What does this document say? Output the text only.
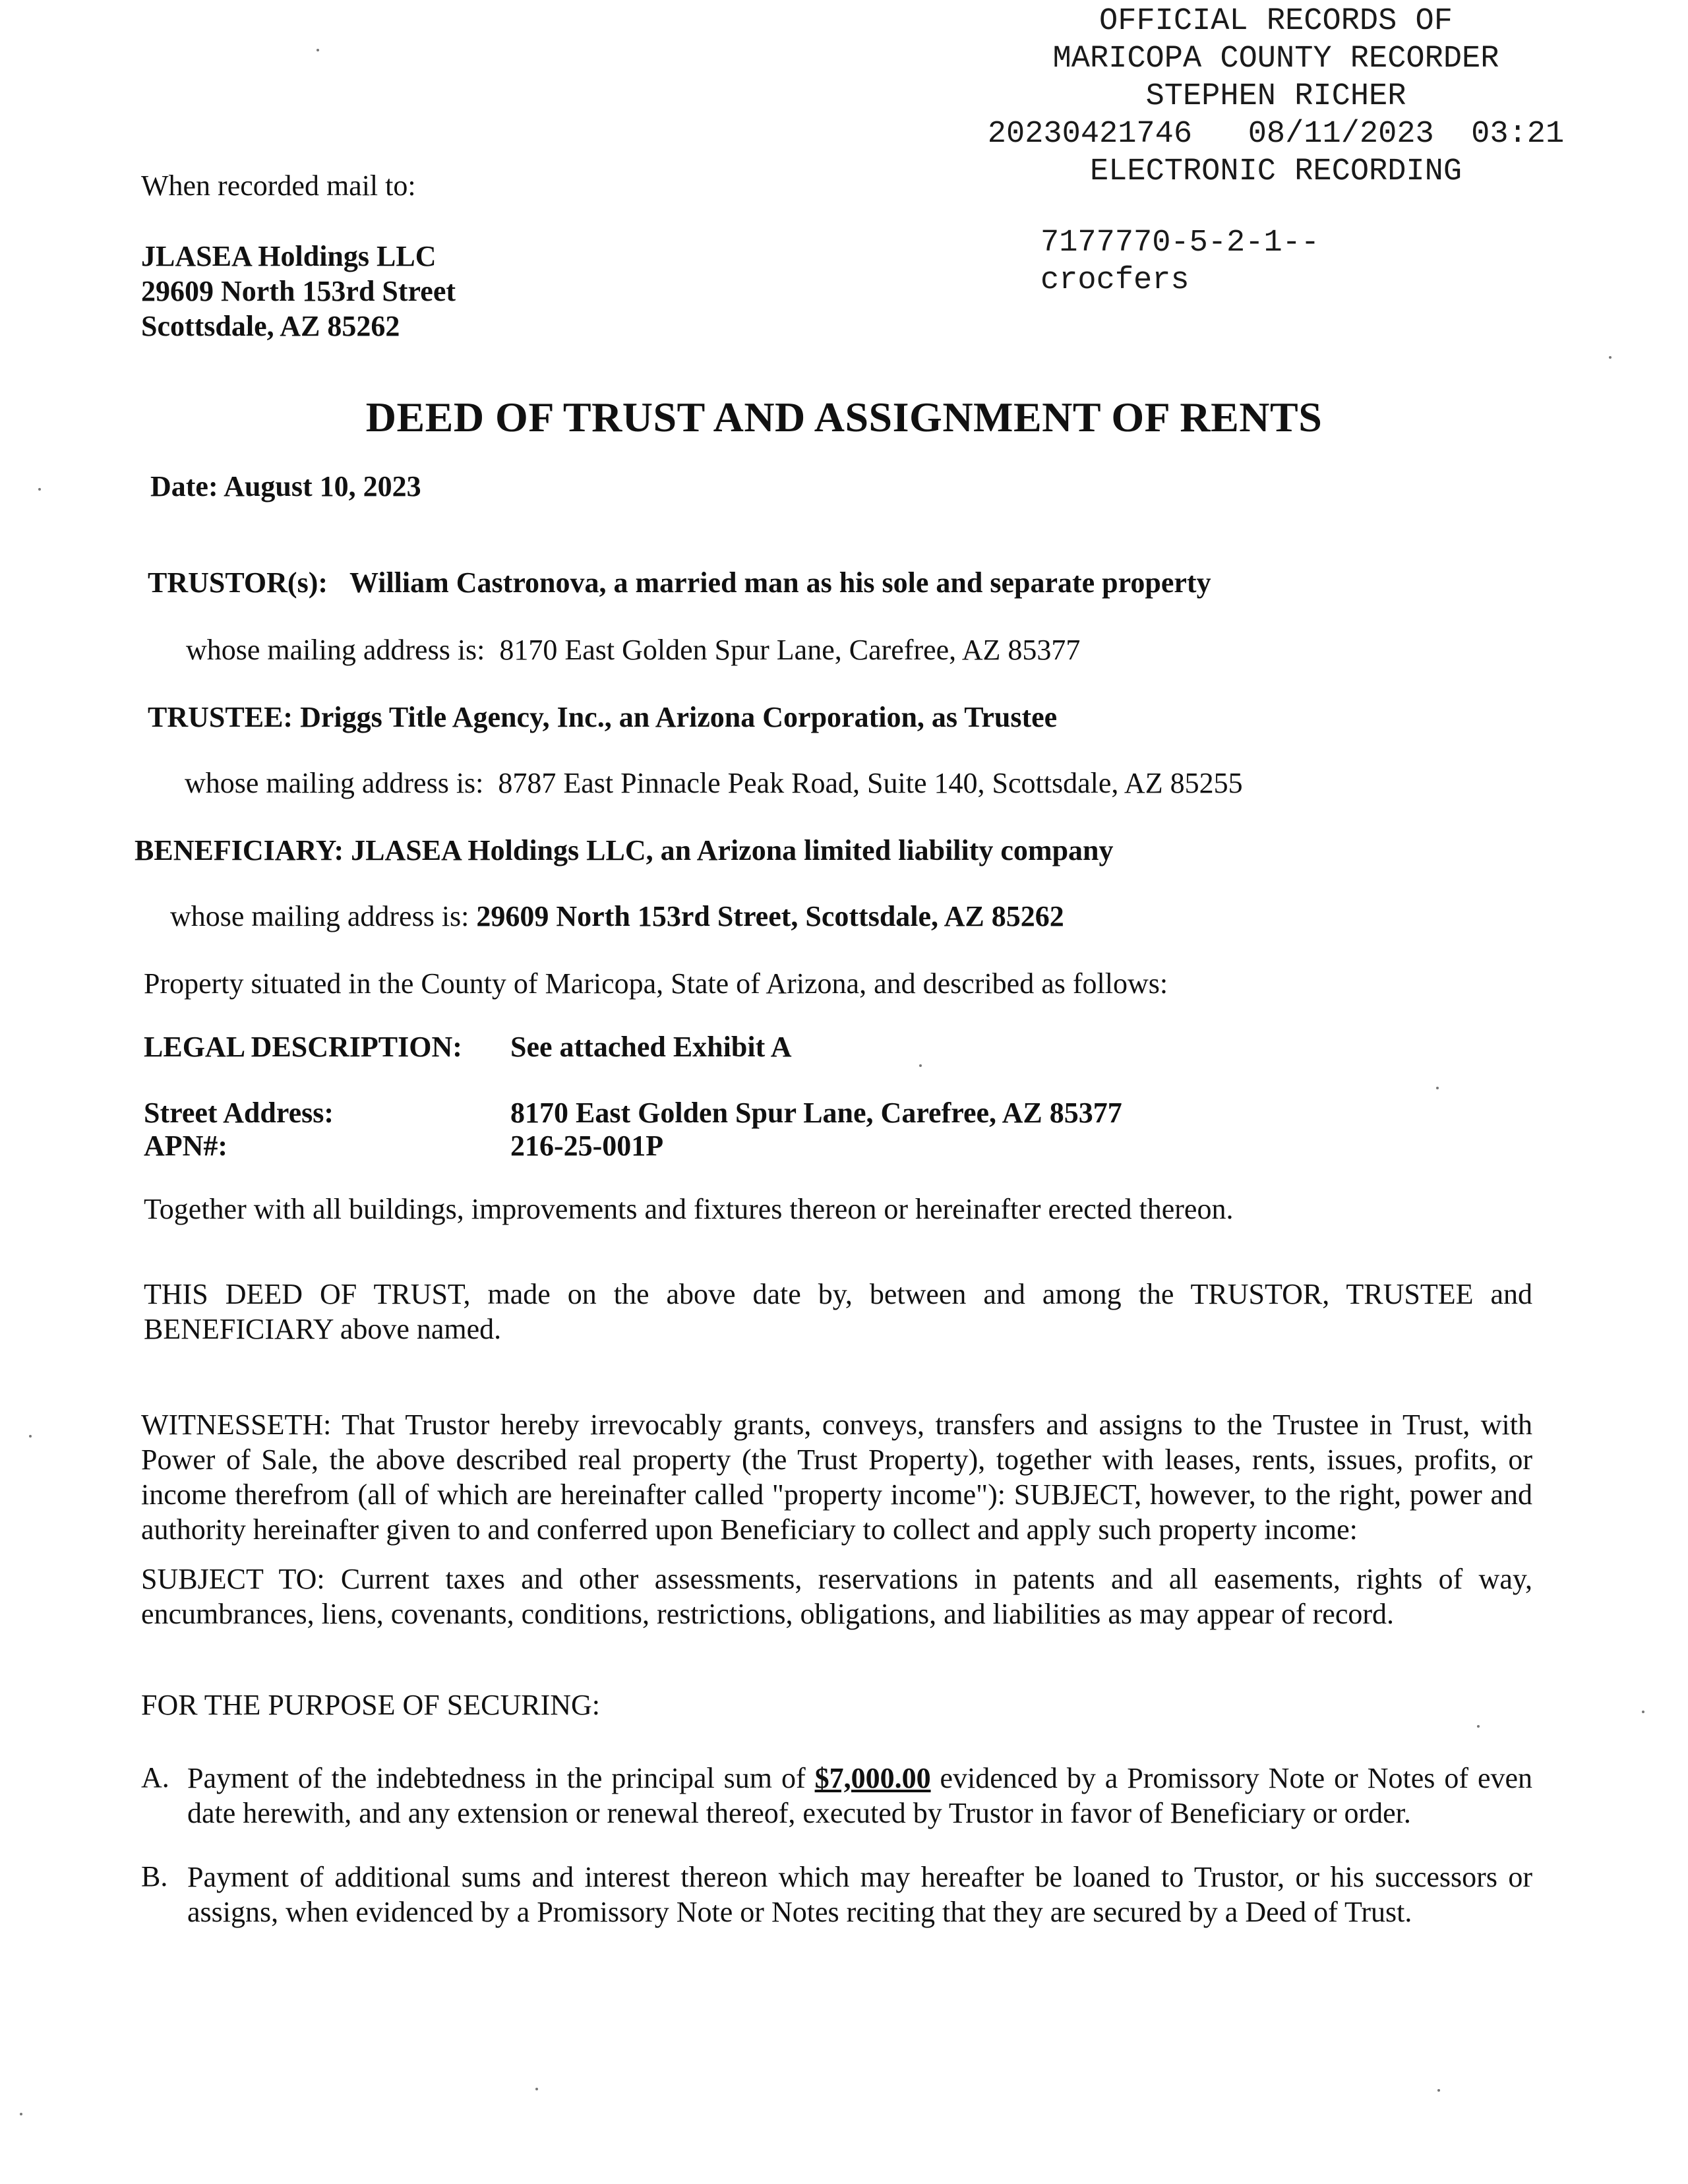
OFFICIAL RECORDS OF
MARICOPA COUNTY RECORDER
STEPHEN RICHER
20230421746 08/11/2023 03:21
ELECTRONIC RECORDING
7177770-5-2-1--
crocfers
When recorded mail to:
JLASEA Holdings LLC
29609 North 153rd Street
Scottsdale, AZ 85262
DEED OF TRUST AND ASSIGNMENT OF RENTS
Date: August 10, 2023
TRUSTOR(s): William Castronova, a married man as his sole and separate property
whose mailing address is: 8170 East Golden Spur Lane, Carefree, AZ 85377
TRUSTEE: Driggs Title Agency, Inc., an Arizona Corporation, as Trustee
whose mailing address is: 8787 East Pinnacle Peak Road, Suite 140, Scottsdale, AZ 85255
BENEFICIARY: JLASEA Holdings LLC, an Arizona limited liability company
whose mailing address is: 29609 North 153rd Street, Scottsdale, AZ 85262
Property situated in the County of Maricopa, State of Arizona, and described as follows:
LEGAL DESCRIPTION: See attached Exhibit A
Street Address:	8170 East Golden Spur Lane, Carefree, AZ 85377
APN#:	216-25-001P
Together with all buildings, improvements and fixtures thereon or hereinafter erected thereon.
THIS DEED OF TRUST, made on the above date by, between and among the TRUSTOR, TRUSTEE and BENEFICIARY above named.
WITNESSETH: That Trustor hereby irrevocably grants, conveys, transfers and assigns to the Trustee in Trust, with Power of Sale, the above described real property (the Trust Property), together with leases, rents, issues, profits, or income therefrom (all of which are hereinafter called "property income"): SUBJECT, however, to the right, power and authority hereinafter given to and conferred upon Beneficiary to collect and apply such property income:
SUBJECT TO: Current taxes and other assessments, reservations in patents and all easements, rights of way, encumbrances, liens, covenants, conditions, restrictions, obligations, and liabilities as may appear of record.
FOR THE PURPOSE OF SECURING:
A. Payment of the indebtedness in the principal sum of $7,000.00 evidenced by a Promissory Note or Notes of even date herewith, and any extension or renewal thereof, executed by Trustor in favor of Beneficiary or order.
B. Payment of additional sums and interest thereon which may hereafter be loaned to Trustor, or his successors or assigns, when evidenced by a Promissory Note or Notes reciting that they are secured by a Deed of Trust.
